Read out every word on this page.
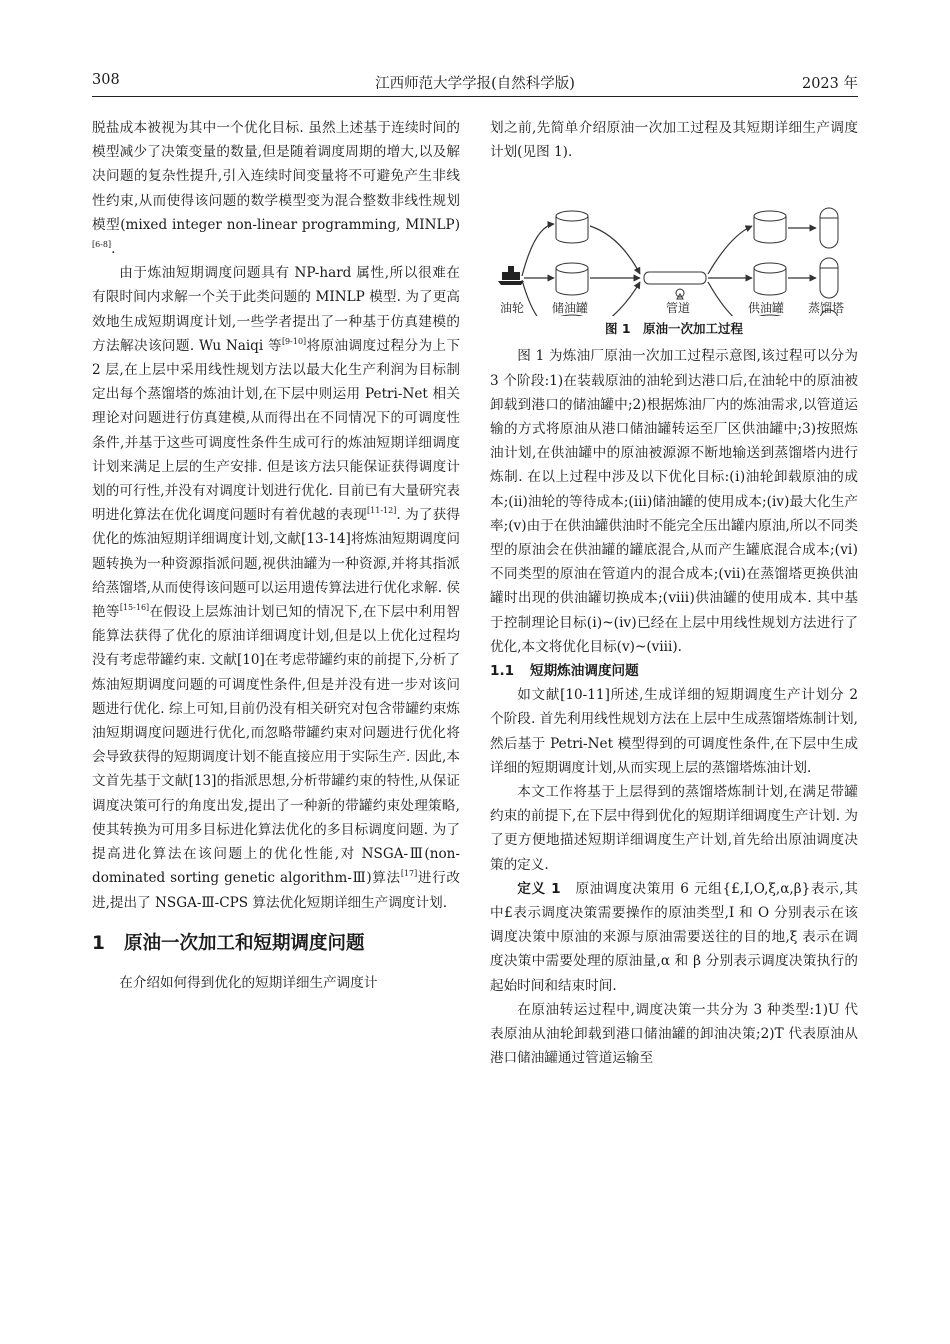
308	江西师范大学学报(自然科学版)	2023 年

脱盐成本被视为其中一个优化目标. 虽然上述基于连续时间的模型减少了决策变量的数量,但是随着调度周期的增大,以及解决问题的复杂性提升,引入连续时间变量将不可避免产生非线性约束,从而使得该问题的数学模型变为混合整数非线性规划模型(mixed integer non-linear programming, MINLP)[6-8].

由于炼油短期调度问题具有 NP-hard 属性,所以很难在有限时间内求解一个关于此类问题的 MINLP 模型. 为了更高效地生成短期调度计划,一些学者提出了一种基于仿真建模的方法解决该问题. Wu Naiqi 等[9-10]将原油调度过程分为上下 2 层,在上层中采用线性规划方法以最大化生产利润为目标制定出每个蒸馏塔的炼油计划,在下层中则运用 Petri-Net 相关理论对问题进行仿真建模,从而得出在不同情况下的可调度性条件,并基于这些可调度性条件生成可行的炼油短期详细调度计划来满足上层的生产安排. 但是该方法只能保证获得调度计划的可行性,并没有对调度计划进行优化. 目前已有大量研究表明进化算法在优化调度问题时有着优越的表现[11-12]. 为了获得优化的炼油短期详细调度计划,文献[13-14]将炼油短期调度问题转换为一种资源指派问题,视供油罐为一种资源,并将其指派给蒸馏塔,从而使得该问题可以运用遗传算法进行优化求解. 侯艳等[15-16]在假设上层炼油计划已知的情况下,在下层中利用智能算法获得了优化的原油详细调度计划,但是以上优化过程均没有考虑带罐约束. 文献[10]在考虑带罐约束的前提下,分析了炼油短期调度问题的可调度性条件,但是并没有进一步对该问题进行优化. 综上可知,目前仍没有相关研究对包含带罐约束炼油短期调度问题进行优化,而忽略带罐约束对问题进行优化将会导致获得的短期调度计划不能直接应用于实际生产. 因此,本文首先基于文献[13]的指派思想,分析带罐约束的特性,从保证调度决策可行的角度出发,提出了一种新的带罐约束处理策略,使其转换为可用多目标进化算法优化的多目标调度问题. 为了提高进化算法在该问题上的优化性能,对 NSGA-Ⅲ(non-dominated sorting genetic algorithm-Ⅲ)算法[17]进行改进,提出了 NSGA-Ⅲ-CPS 算法优化短期详细生产调度计划.

1 原油一次加工和短期调度问题

在介绍如何得到优化的短期详细生产调度计

划之前,先简单介绍原油一次加工过程及其短期详细生产调度计划(见图 1).

油轮 储油罐	管道	供油罐 蒸馏塔
图 1　原油一次加工过程

图 1 为炼油厂原油一次加工过程示意图,该过程可以分为 3 个阶段:1)在装载原油的油轮到达港口后,在油轮中的原油被卸载到港口的储油罐中;2)根据炼油厂内的炼油需求,以管道运输的方式将原油从港口储油罐转运至厂区供油罐中;3)按照炼油计划,在供油罐中的原油被源源不断地输送到蒸馏塔内进行炼制. 在以上过程中涉及以下优化目标:(ⅰ)油轮卸载原油的成本;(ⅱ)油轮的等待成本;(ⅲ)储油罐的使用成本;(ⅳ)最大化生产率;(ⅴ)由于在供油罐供油时不能完全压出罐内原油,所以不同类型的原油会在供油罐的罐底混合,从而产生罐底混合成本;(ⅵ)不同类型的原油在管道内的混合成本;(ⅶ)在蒸馏塔更换供油罐时出现的供油罐切换成本;(ⅷ)供油罐的使用成本. 其中基于控制理论目标(ⅰ)~(ⅳ)已经在上层中用线性规划方法进行了优化,本文将优化目标(ⅴ)~(ⅷ).

1.1 短期炼油调度问题

如文献[10-11]所述,生成详细的短期调度生产计划分 2 个阶段. 首先利用线性规划方法在上层中生成蒸馏塔炼制计划,然后基于 Petri-Net 模型得到的可调度性条件,在下层中生成详细的短期调度计划,从而实现上层的蒸馏塔炼油计划.

本文工作将基于上层得到的蒸馏塔炼制计划,在满足带罐约束的前提下,在下层中得到优化的短期详细调度生产计划. 为了更方便地描述短期详细调度生产计划,首先给出原油调度决策的定义.

定义 1　 原油调度决策用 6 元组{£,I,O,ξ,α,β}表示,其中£表示调度决策需要操作的原油类型,I 和 O 分别表示在该调度决策中原油的来源与原油需要送往的目的地,ξ 表示在调度决策中需要处理的原油量,α 和 β 分别表示调度决策执行的起始时间和结束时间.

在原油转运过程中,调度决策一共分为 3 种类型:1)U 代表原油从油轮卸载到港口储油罐的卸油决策;2)T 代表原油从港口储油罐通过管道运输至
